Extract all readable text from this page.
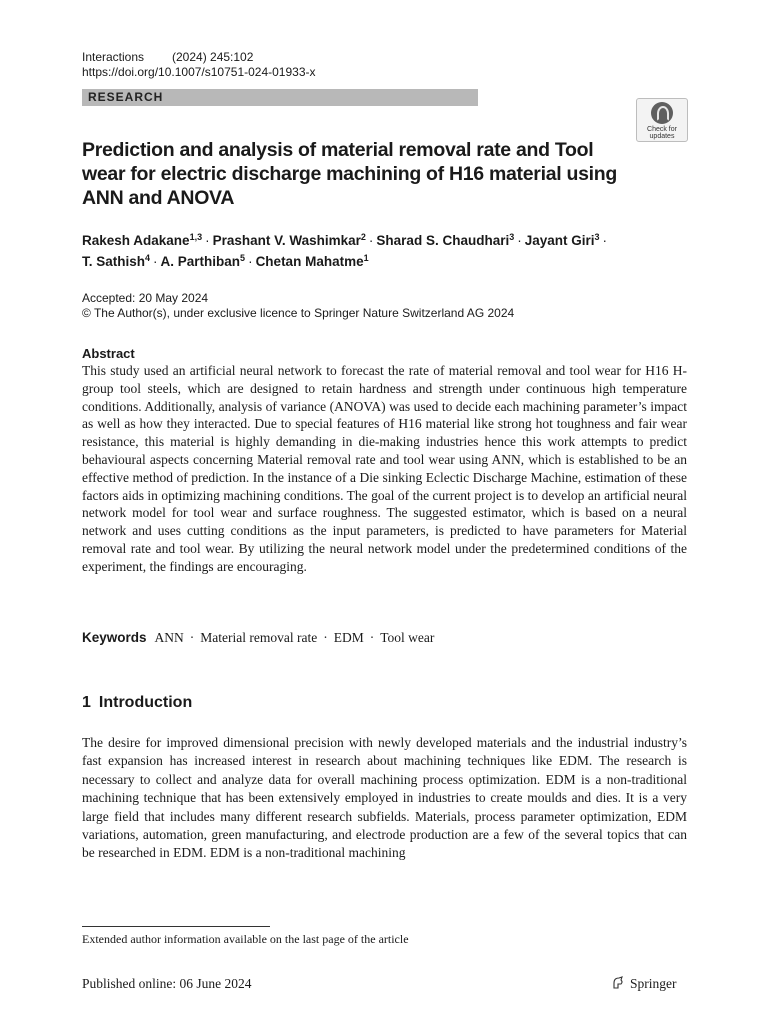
Interactions (2024) 245:102
https://doi.org/10.1007/s10751-024-01933-x
RESEARCH
Check for
updates
Prediction and analysis of material removal rate and Tool wear for electric discharge machining of H16 material using ANN and ANOVA
Rakesh Adakane$^{1,3}$ · Prashant V. Washimkar$^2$ · Sharad S. Chaudhari$^3$ · Jayant Giri$^3$ ·
T. Sathish$^4$ · A. Parthiban$^5$ · Chetan Mahatme$^1$
Accepted: 20 May 2024
© The Author(s), under exclusive licence to Springer Nature Switzerland AG 2024
Abstract

This study used an artificial neural network to forecast the rate of material removal and tool wear for H16 H-group tool steels, which are designed to retain hardness and strength under continuous high temperature conditions. Additionally, analysis of variance (ANOVA) was used to decide each machining parameter’s impact as well as how they interacted. Due to special features of H16 material like strong hot toughness and fair wear resistance, this material is highly demanding in die-making industries hence this work attempts to predict behavioural aspects concerning Material removal rate and tool wear using ANN, which is established to be an effective method of prediction. In the instance of a Die sinking Eclectic Discharge Machine, estimation of these factors aids in optimizing machining conditions. The goal of the current project is to develop an artificial neural network model for tool wear and surface roughness. The suggested estimator, which is based on a neural network and uses cutting conditions as the input parameters, is predicted to have parameters for Material removal rate and tool wear. By utilizing the neural network model under the predetermined conditions of the experiment, the findings are encouraging.

Keywords ANN · Material removal rate · EDM · Tool wear
1 Introduction

The desire for improved dimensional precision with newly developed materials and the industrial industry’s fast expansion has increased interest in research about machining techniques like EDM. The research is necessary to collect and analyze data for overall machining process optimization. EDM is a non-traditional machining technique that has been extensively employed in industries to create moulds and dies. It is a very large field that includes many different research subfields. Materials, process parameter optimization, EDM variations, automation, green manufacturing, and electrode production are a few of the several topics that can be researched in EDM. EDM is a non-traditional machining

Extended author information available on the last page of the article
Published online: 06 June 2024	Springer
